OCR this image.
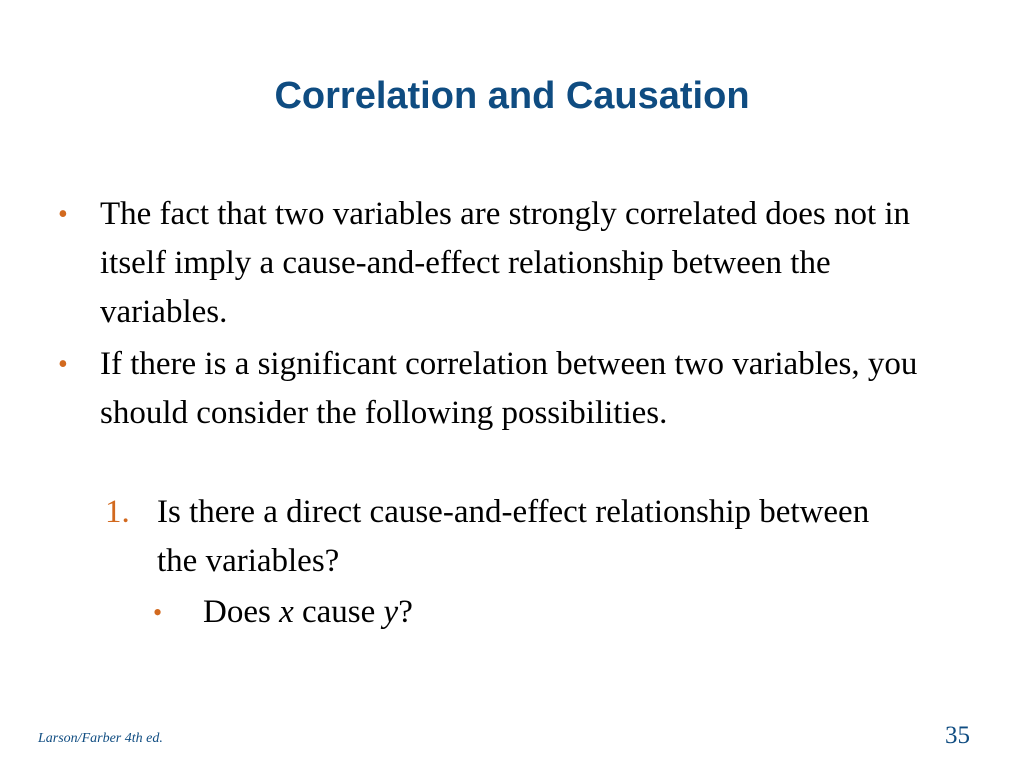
Correlation and Causation
• The fact that two variables are strongly correlated does not in itself imply a cause-and-effect relationship between the variables.
• If there is a significant correlation between two variables, you should consider the following possibilities.
1. Is there a direct cause-and-effect relationship between the variables?
• Does x cause y?
Larson/Farber 4th ed.	35
